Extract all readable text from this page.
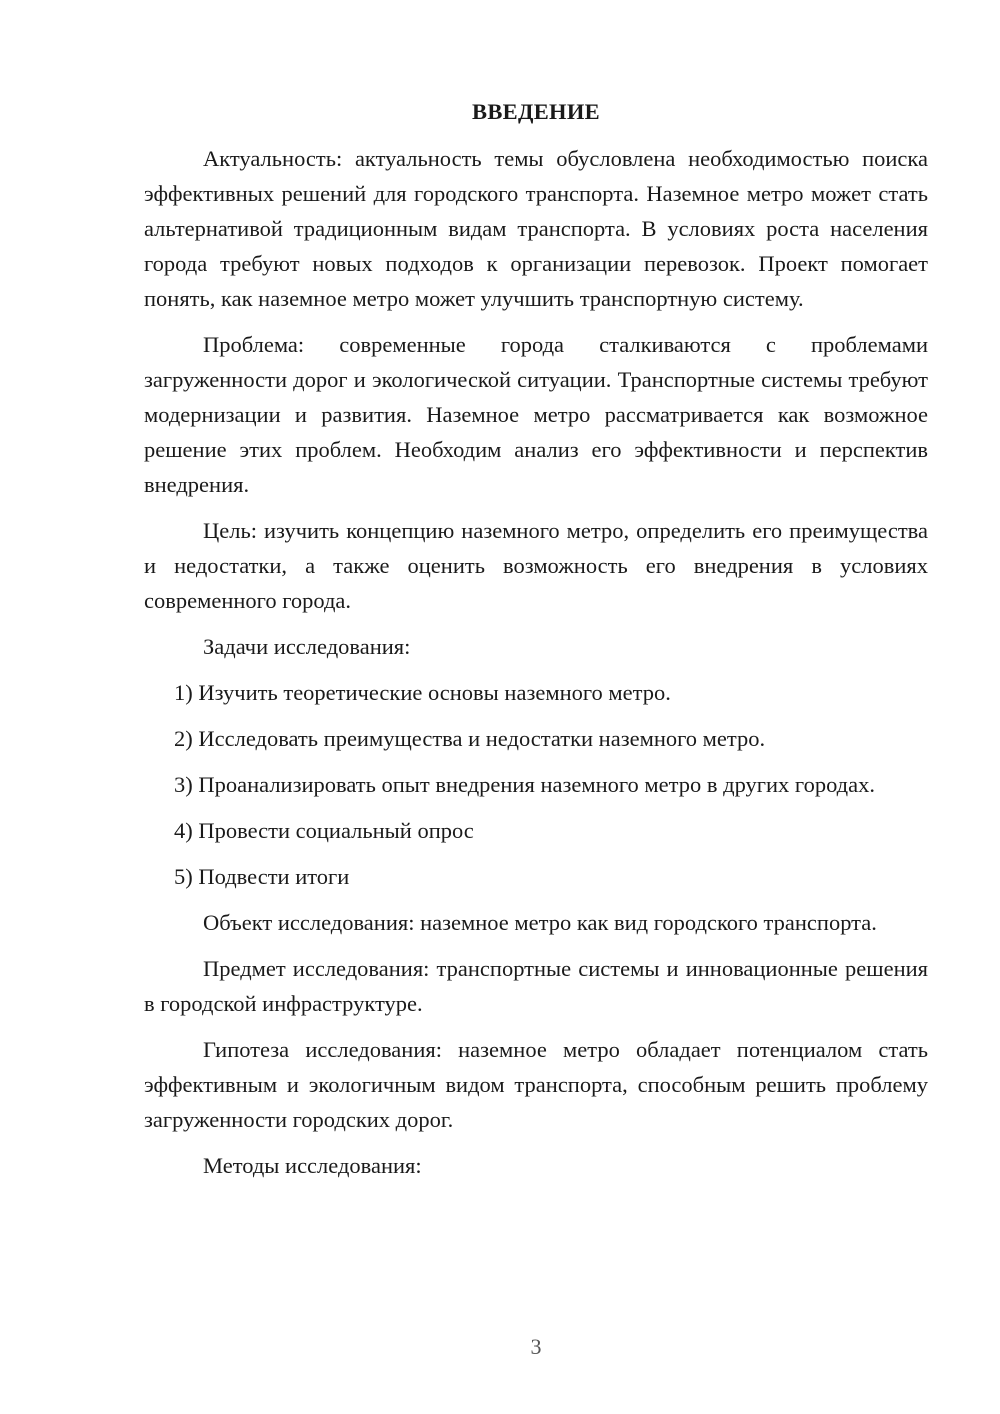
ВВЕДЕНИЕ

Актуальность: актуальность темы обусловлена необходимостью поиска эффективных решений для городского транспорта. Наземное метро может стать альтернативой традиционным видам транспорта. В условиях роста населения города требуют новых подходов к организации перевозок. Проект помогает понять, как наземное метро может улучшить транспортную систему.

Проблема: современные города сталкиваются с проблемами загруженности дорог и экологической ситуации. Транспортные системы требуют модернизации и развития. Наземное метро рассматривается как возможное решение этих проблем. Необходим анализ его эффективности и перспектив внедрения.

Цель: изучить концепцию наземного метро, определить его преимущества и недостатки, а также оценить возможность его внедрения в условиях современного города.

Задачи исследования:

1) Изучить теоретические основы наземного метро.

2) Исследовать преимущества и недостатки наземного метро.

3) Проанализировать опыт внедрения наземного метро в других городах.

4) Провести социальный опрос

5) Подвести итоги

Объект исследования: наземное метро как вид городского транспорта.

Предмет исследования: транспортные системы и инновационные решения в городской инфраструктуре.

Гипотеза исследования: наземное метро обладает потенциалом стать эффективным и экологичным видом транспорта, способным решить проблему загруженности городских дорог.

Методы исследования:

3
